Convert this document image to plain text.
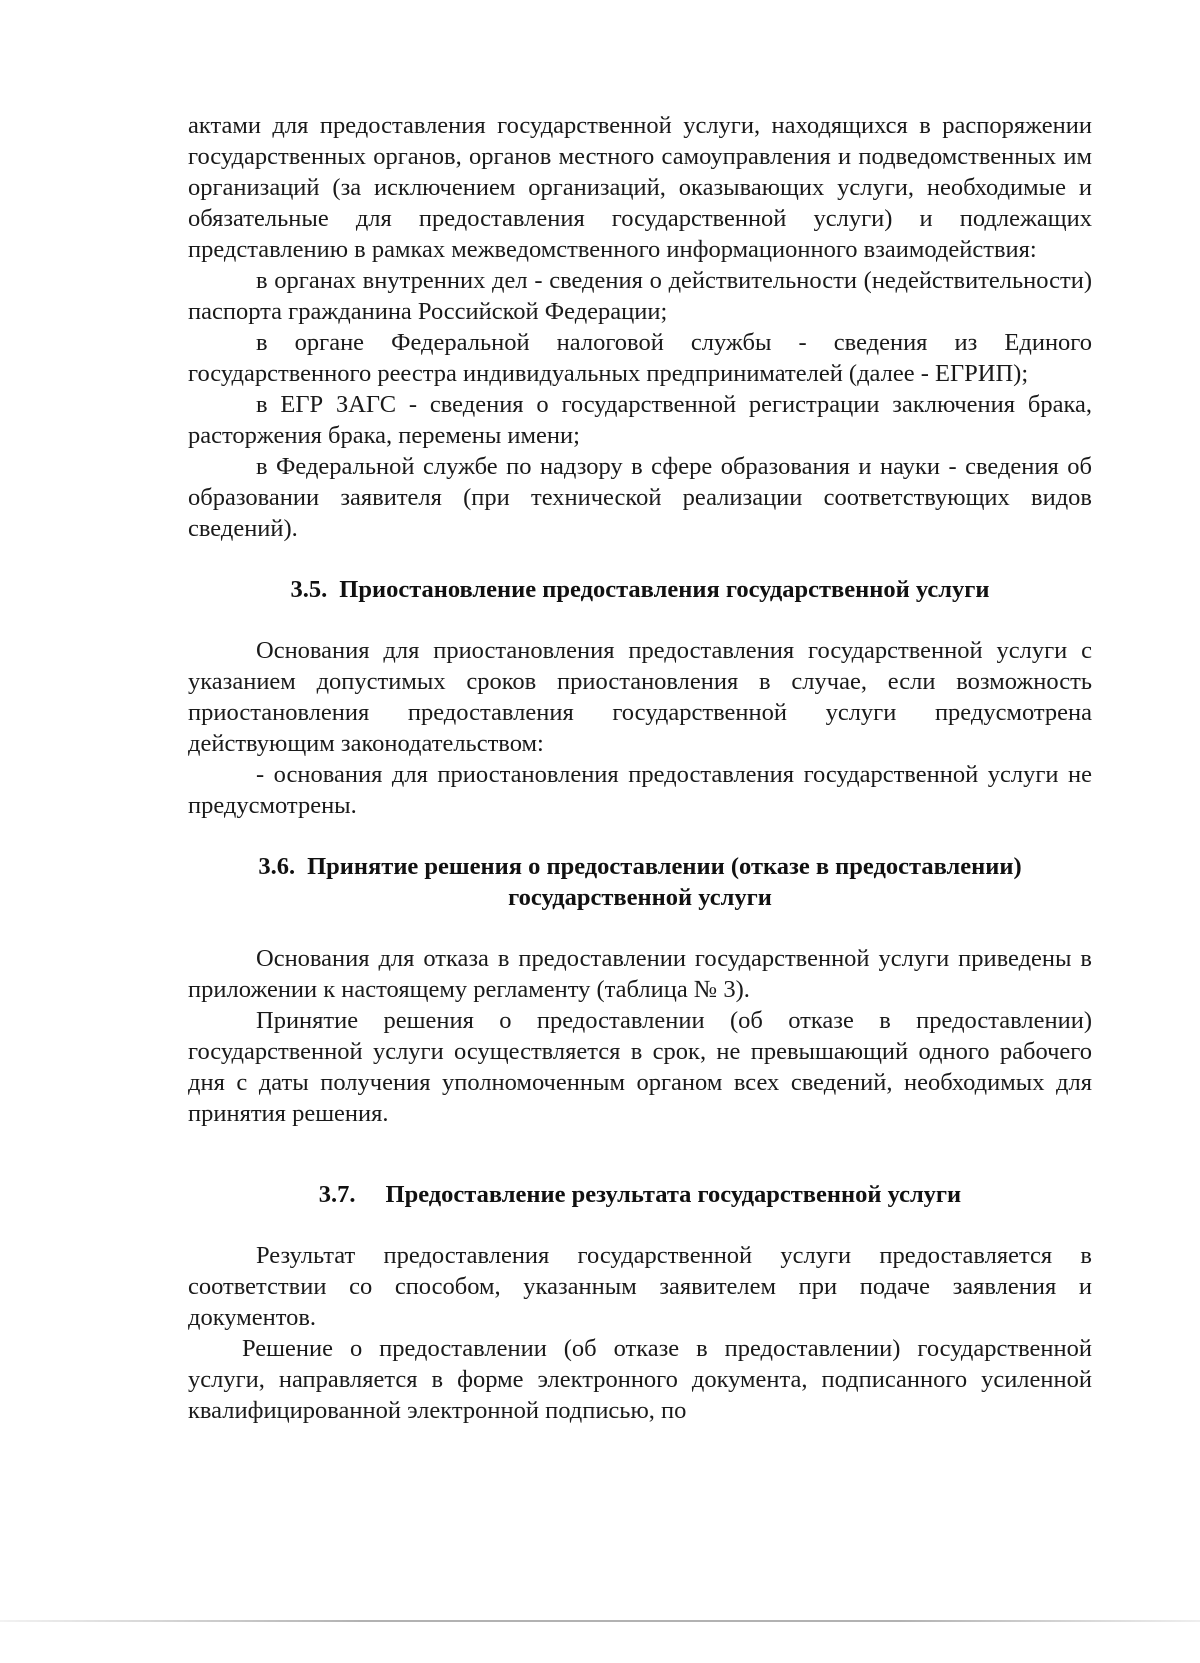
актами для предоставления государственной услуги, находящихся в распоряжении государственных органов, органов местного самоуправления и подведомственных им организаций (за исключением организаций, оказывающих услуги, необходимые и обязательные для предоставления государственной услуги) и подлежащих представлению в рамках межведомственного информационного взаимодействия:

в органах внутренних дел - сведения о действительности (недействительности) паспорта гражданина Российской Федерации;

в органе Федеральной налоговой службы - сведения из Единого государственного реестра индивидуальных предпринимателей (далее - ЕГРИП);

в ЕГР ЗАГС - сведения о государственной регистрации заключения брака, расторжения брака, перемены имени;

в Федеральной службе по надзору в сфере образования и науки - сведения об образовании заявителя (при технической реализации соответствующих видов сведений).

3.5. Приостановление предоставления государственной услуги

Основания для приостановления предоставления государственной услуги с указанием допустимых сроков приостановления в случае, если возможность приостановления предоставления государственной услуги предусмотрена действующим законодательством:

- основания для приостановления предоставления государственной услуги не предусмотрены.

3.6. Принятие решения о предоставлении (отказе в предоставлении)
государственной услуги

Основания для отказа в предоставлении государственной услуги приведены в приложении к настоящему регламенту (таблица № 3).

Принятие решения о предоставлении (об отказе в предоставлении) государственной услуги осуществляется в срок, не превышающий одного рабочего дня с даты получения уполномоченным органом всех сведений, необходимых для принятия решения.

3.7. Предоставление результата государственной услуги

Результат предоставления государственной услуги предоставляется в соответствии со способом, указанным заявителем при подаче заявления и документов.

Решение о предоставлении (об отказе в предоставлении) государственной услуги, направляется в форме электронного документа, подписанного усиленной квалифицированной электронной подписью, по
